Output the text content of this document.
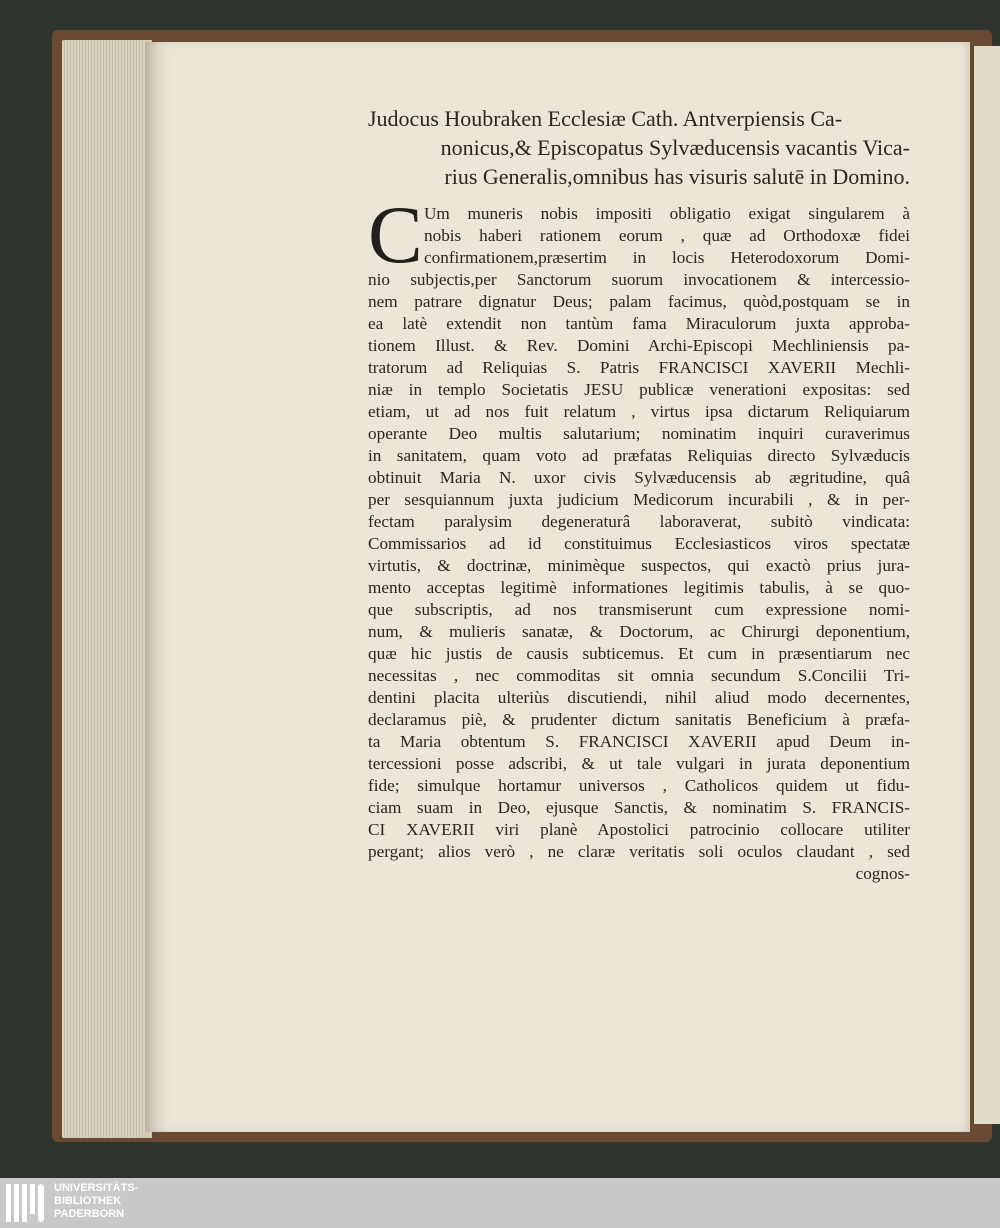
Judocus Houbraken Ecclesiæ Cath. Antverpiensis Ca-
nonicus,& Episcopatus Sylvæducensis vacantis Vica-
rius Generalis,omnibus has visuris salutē in Domino.
C Um muneris nobis impositi obligatio exigat singularem à
nobis haberi rationem eorum , quæ ad Orthodoxæ fidei
confirmationem,præsertim in locis Heterodoxorum Domi-
nio subjectis,per Sanctorum suorum invocationem & intercessio-
nem patrare dignatur Deus; palam facimus, quòd,postquam se in
ea latè extendit non tantùm fama Miraculorum juxta approba-
tionem Illust. & Rev. Domini Archi-Episcopi Mechliniensis pa-
tratorum ad Reliquias S. Patris FRANCISCI XAVERII Mechli-
niæ in templo Societatis JESU publicæ venerationi expositas: sed
etiam, ut ad nos fuit relatum , virtus ipsa dictarum Reliquiarum
operante Deo multis salutarium; nominatim inquiri curaverimus
in sanitatem, quam voto ad præfatas Reliquias directo Sylvæducis
obtinuit Maria N. uxor civis Sylvæducensis ab ægritudine, quâ
per sesquiannum juxta judicium Medicorum incurabili , & in per-
fectam paralysim degeneraturâ laboraverat, subitò vindicata:
Commissarios ad id constituimus Ecclesiasticos viros spectatæ
virtutis, & doctrinæ, minimèque suspectos, qui exactò prius jura-
mento acceptas legitimè informationes legitimis tabulis, à se quo-
que subscriptis, ad nos transmiserunt cum expressione nomi-
num, & mulieris sanatæ, & Doctorum, ac Chirurgi deponentium,
quæ hic justis de causis subticemus. Et cum in præsentiarum nec
necessitas , nec commoditas sit omnia secundum S.Concilii Tri-
dentini placita ulteriùs discutiendi, nihil aliud modo decernentes,
declaramus piè, & prudenter dictum sanitatis Beneficium à præfa-
ta Maria obtentum S. FRANCISCI XAVERII apud Deum in-
tercessioni posse adscribi, & ut tale vulgari in jurata deponentium
fide; simulque hortamur universos , Catholicos quidem ut fidu-
ciam suam in Deo, ejusque Sanctis, & nominatim S. FRANCIS-
CI XAVERII viri planè Apostolici patrocinio collocare utiliter
pergant; alios verò , ne claræ veritatis soli oculos claudant , sed
cognos-
UNIVERSITÄTS-
BIBLIOTHEK
PADERBORN
